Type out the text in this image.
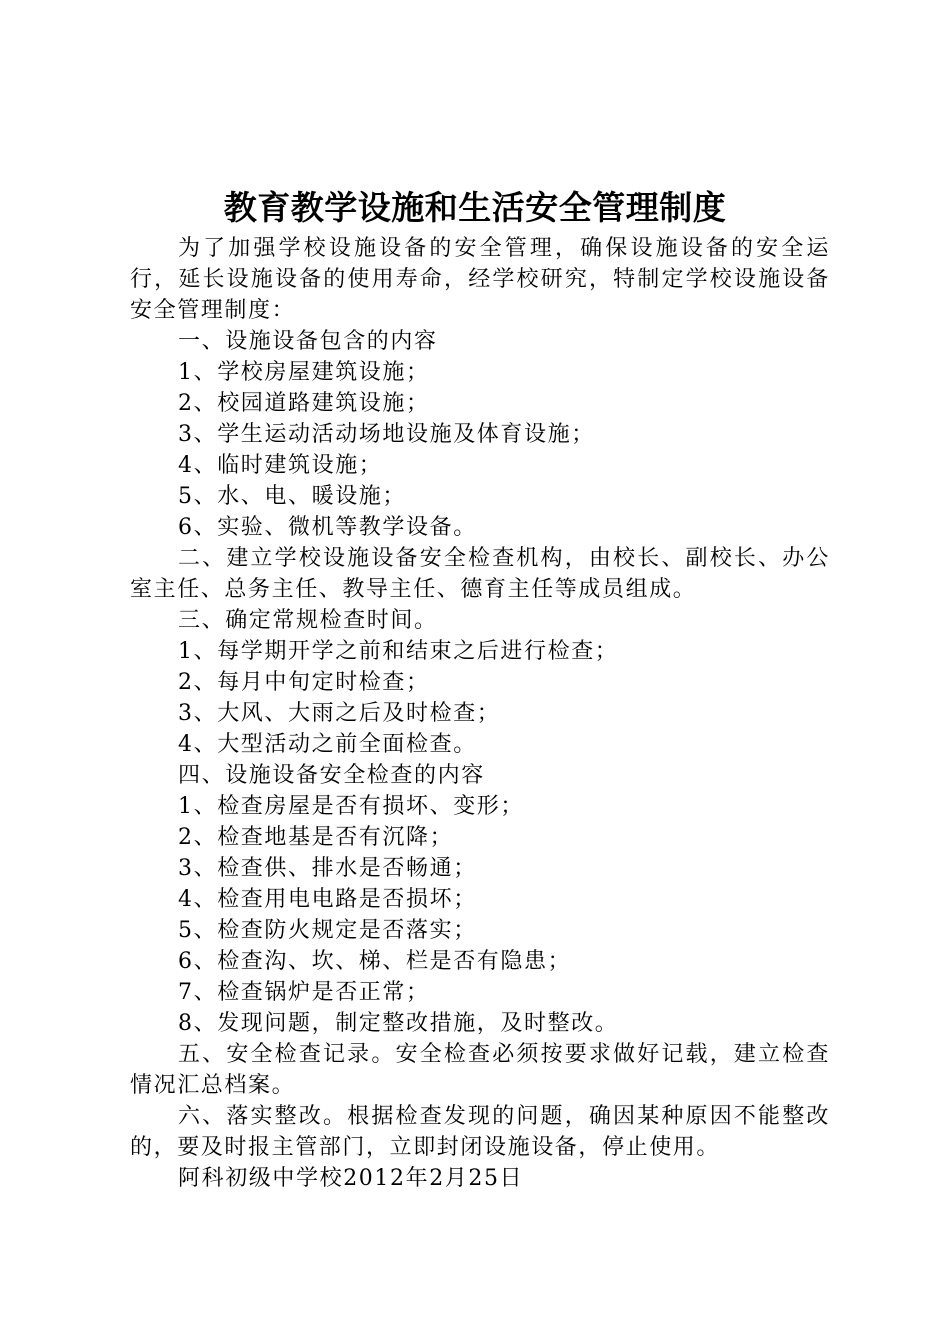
教育教学设施和生活安全管理制度

为了加强学校设施设备的安全管理，确保设施设备的安全运行，延长设施设备的使用寿命，经学校研究，特制定学校设施设备安全管理制度：

一、设施设备包含的内容

1、学校房屋建筑设施；

2、校园道路建筑设施；

3、学生运动活动场地设施及体育设施；

4、临时建筑设施；

5、水、电、暖设施；

6、实验、微机等教学设备。

二、建立学校设施设备安全检查机构，由校长、副校长、办公室主任、总务主任、教导主任、德育主任等成员组成。

三、确定常规检查时间。

1、每学期开学之前和结束之后进行检查；

2、每月中旬定时检查；

3、大风、大雨之后及时检查；

4、大型活动之前全面检查。

四、设施设备安全检查的内容

1、检查房屋是否有损坏、变形；

2、检查地基是否有沉降；

3、检查供、排水是否畅通；

4、检查用电电路是否损坏；

5、检查防火规定是否落实；

6、检查沟、坎、梯、栏是否有隐患；

7、检查锅炉是否正常；

8、发现问题，制定整改措施，及时整改。

五、安全检查记录。安全检查必须按要求做好记载，建立检查情况汇总档案。

六、落实整改。根据检查发现的问题，确因某种原因不能整改的，要及时报主管部门，立即封闭设施设备，停止使用。

阿科初级中学校2012年2月25日
